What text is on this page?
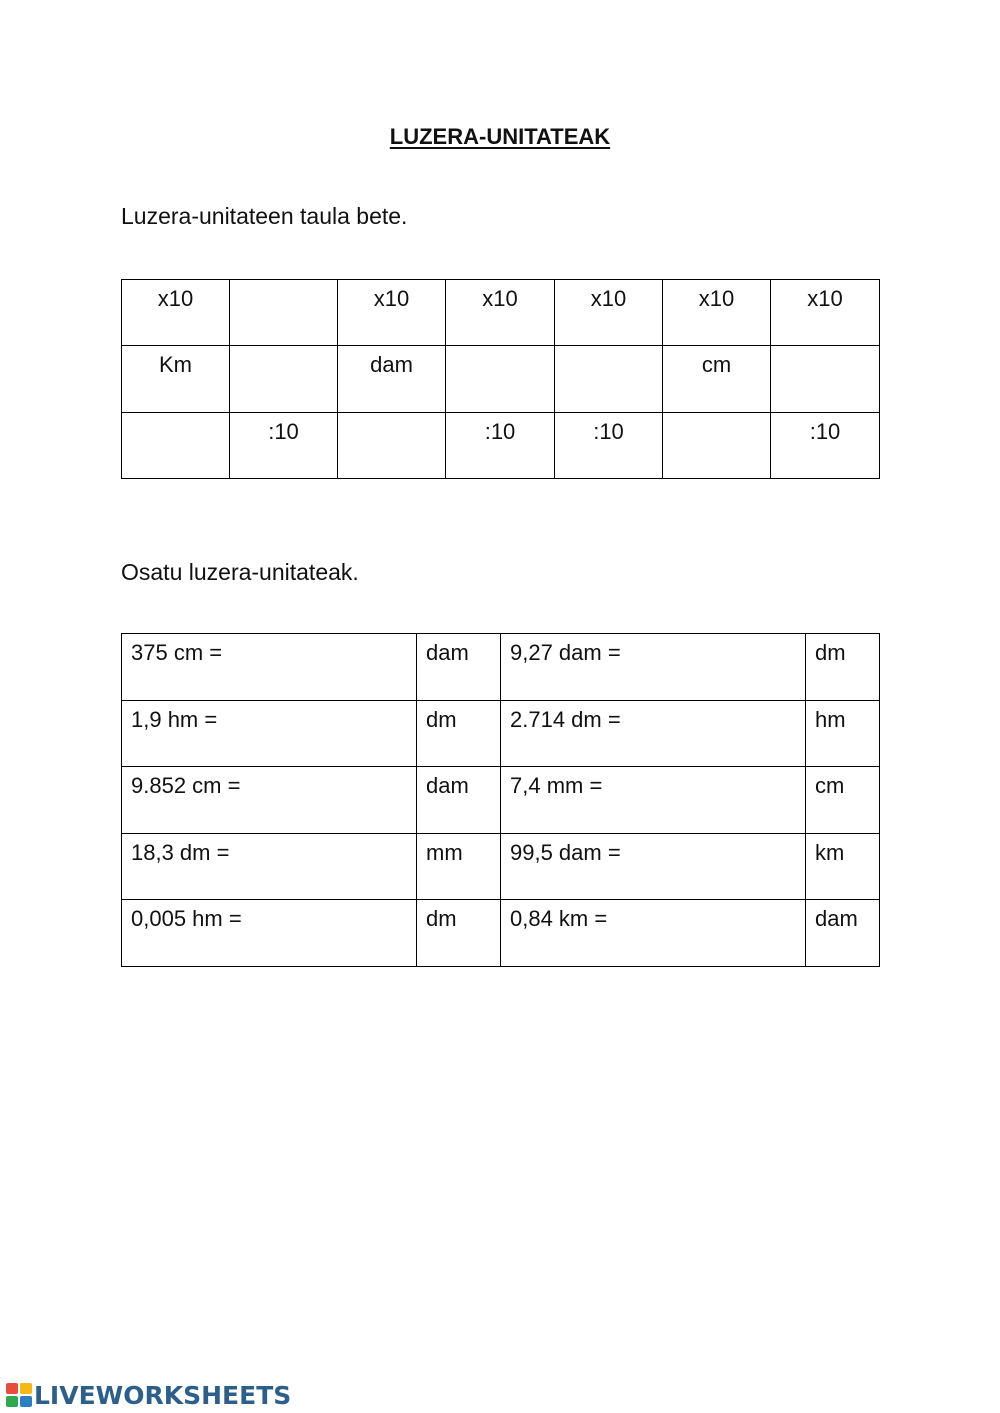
LUZERA-UNITATEAK
Luzera-unitateen taula bete.
x10		x10	x10	x10	x10	x10
Km		dam			cm	
	:10		:10	:10		:10
Osatu luzera-unitateak.
375 cm =	dam	9,27 dam =	dm
1,9 hm =	dm	2.714 dm =	hm
9.852 cm =	dam	7,4 mm =	cm
18,3 dm =	mm	99,5 dam =	km
0,005 hm =	dm	0,84 km =	dam
LIVEWORKSHEETS
